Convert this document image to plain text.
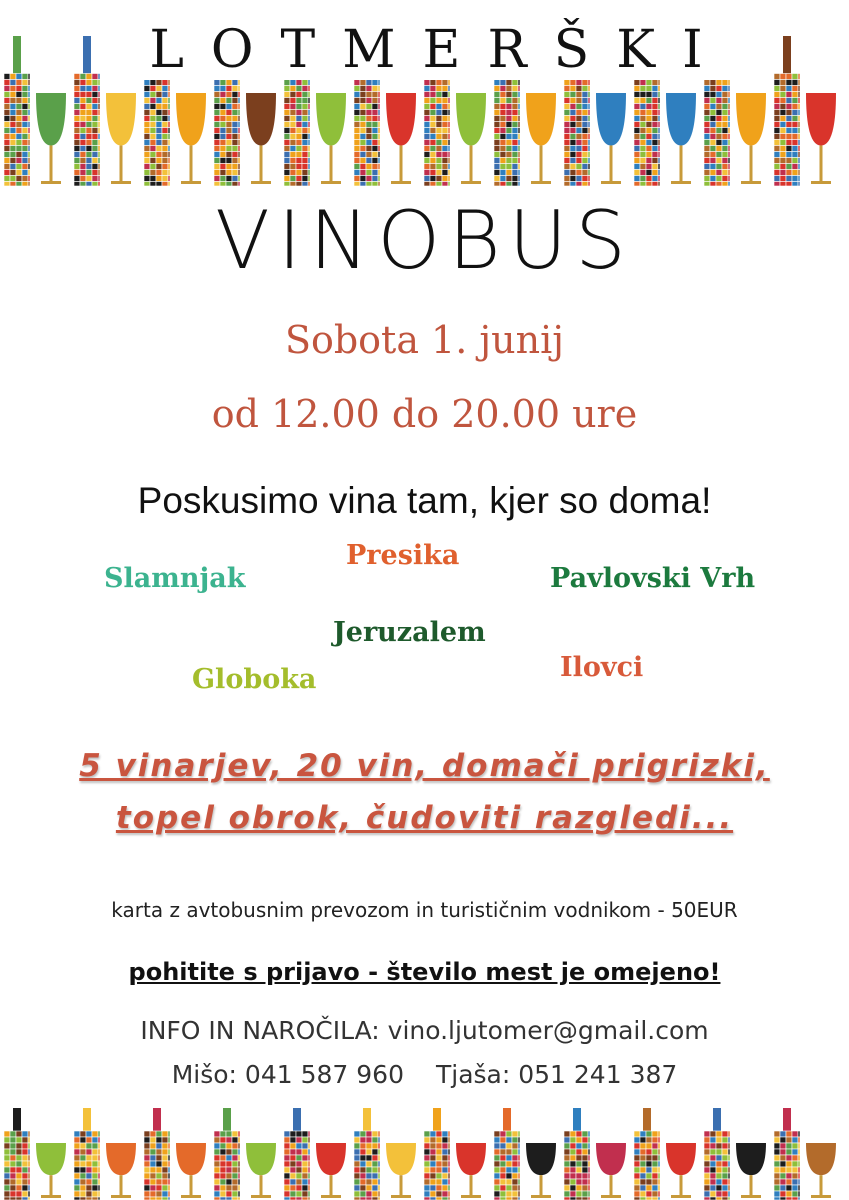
LOTMERŠKI
VINOBUS
Sobota 1. junij
od 12.00 do 20.00 ure
Poskusimo vina tam, kjer so doma!
Slamnjak
Presika
Pavlovski Vrh
Jeruzalem
Globoka	Ilovci
5 vinarjev, 20 vin, domači prigrizki,
topel obrok, čudoviti razgledi...
karta z avtobusnim prevozom in turističnim vodnikom - 50EUR
pohitite s prijavo - število mest je omejeno!
INFO IN NAROČILA: vino.ljutomer@gmail.com
Mišo: 041 587 960 Tjaša: 051 241 387
